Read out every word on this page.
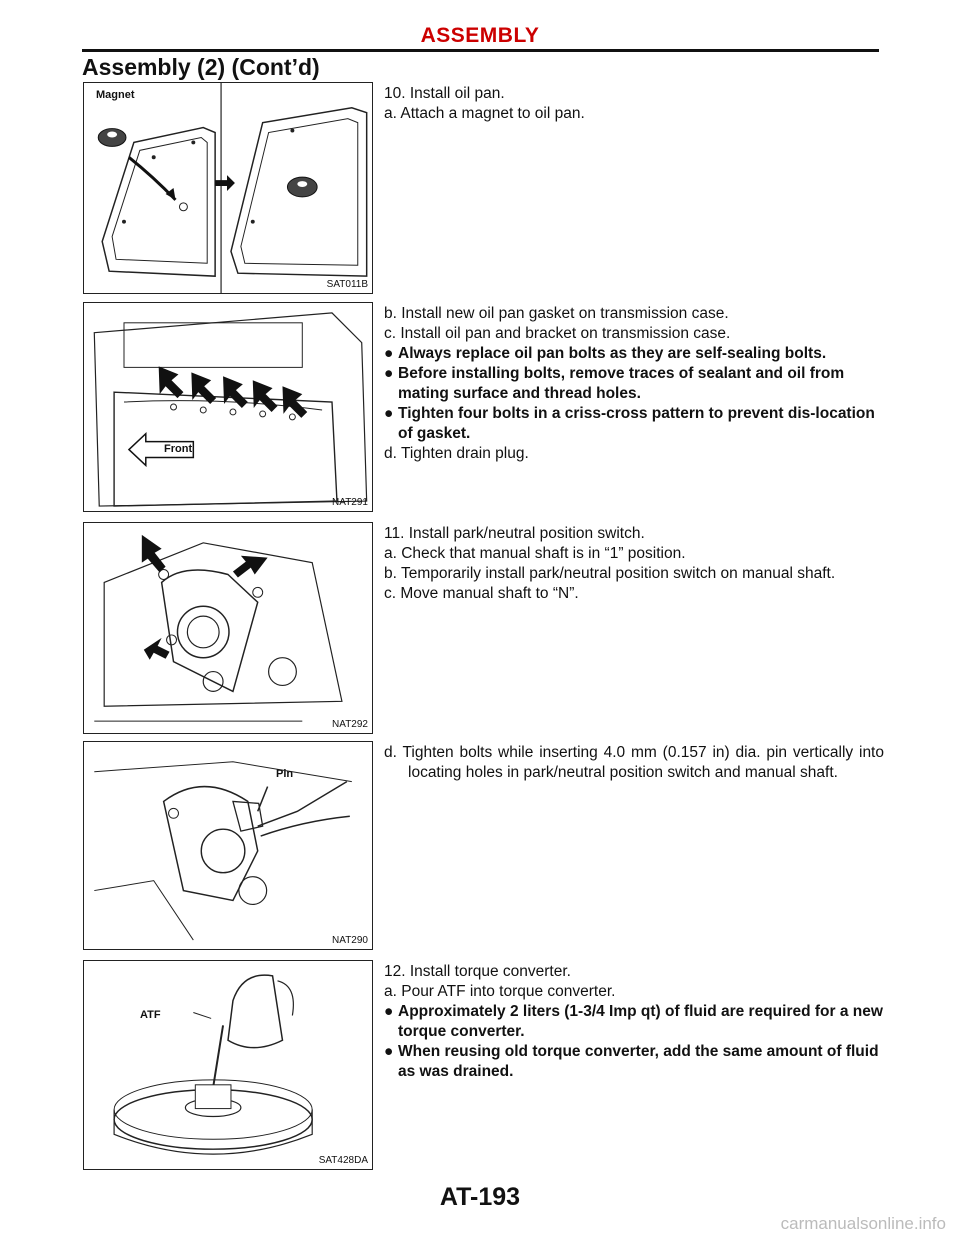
ASSEMBLY
Assembly (2) (Cont’d)
Magnet
SAT011B
Front
NAT291
NAT292
Pin
NAT290
ATF
SAT428DA

10. Install oil pan.

a. Attach a magnet to oil pan.

b. Install new oil pan gasket on transmission case.

c. Install oil pan and bracket on transmission case.

● Always replace oil pan bolts as they are self-sealing bolts.

● Before installing bolts, remove traces of sealant and oil from mating surface and thread holes.

● Tighten four bolts in a criss-cross pattern to prevent dis-location of gasket.

d. Tighten drain plug.

11. Install park/neutral position switch.

a. Check that manual shaft is in “1” position.

b. Temporarily install park/neutral position switch on manual shaft.

c. Move manual shaft to “N”.

d. Tighten bolts while inserting 4.0 mm (0.157 in) dia. pin vertically into locating holes in park/neutral position switch and manual shaft.

12. Install torque converter.

a. Pour ATF into torque converter.

● Approximately 2 liters (1-3/4 Imp qt) of fluid are required for a new torque converter.

● When reusing old torque converter, add the same amount of fluid as was drained.

AT-193
carmanualsonline.info
